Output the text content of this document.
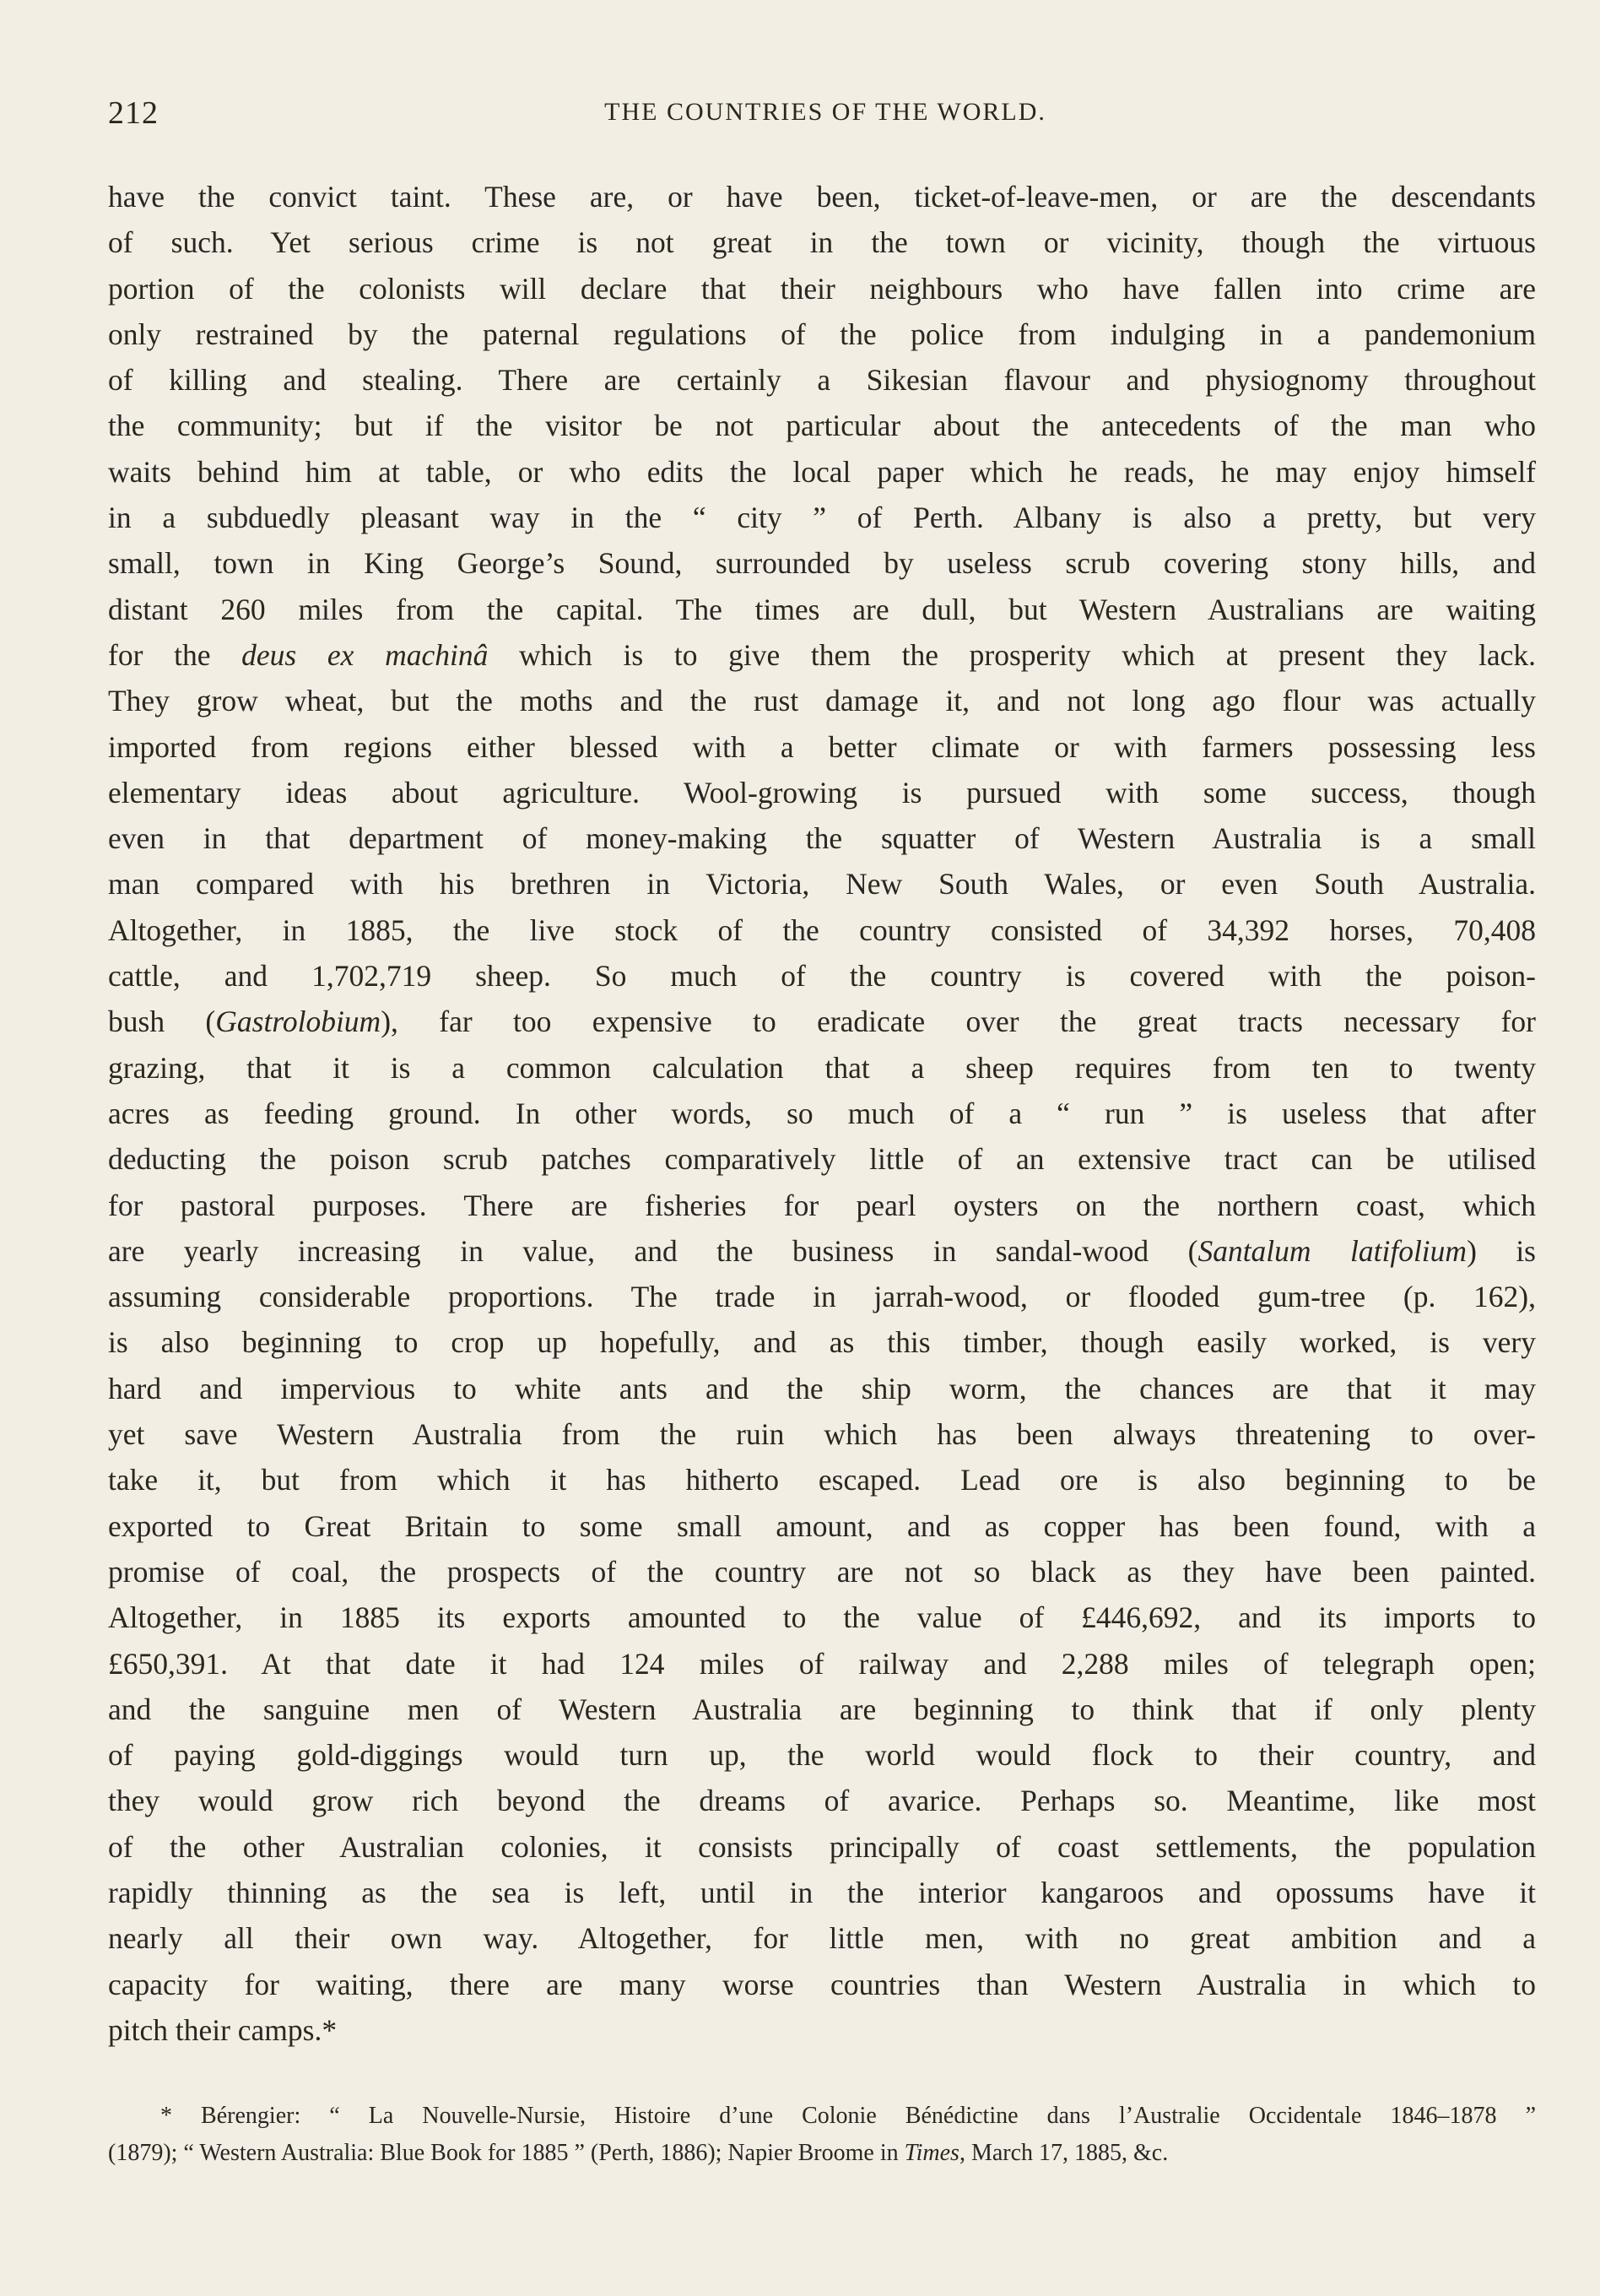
212	THE COUNTRIES OF THE WORLD.
have the convict taint. These are, or have been, ticket-of-leave-men, or are the descendants
of such. Yet serious crime is not great in the town or vicinity, though the virtuous
portion of the colonists will declare that their neighbours who have fallen into crime are
only restrained by the paternal regulations of the police from indulging in a pandemonium
of killing and stealing. There are certainly a Sikesian flavour and physiognomy throughout
the community; but if the visitor be not particular about the antecedents of the man who
waits behind him at table, or who edits the local paper which he reads, he may enjoy himself
in a subduedly pleasant way in the “ city ” of Perth. Albany is also a pretty, but very
small, town in King George’s Sound, surrounded by useless scrub covering stony hills, and
distant 260 miles from the capital. The times are dull, but Western Australians are waiting
for the deus ex machinâ which is to give them the prosperity which at present they lack.
They grow wheat, but the moths and the rust damage it, and not long ago flour was actually
imported from regions either blessed with a better climate or with farmers possessing less
elementary ideas about agriculture. Wool-growing is pursued with some success, though
even in that department of money-making the squatter of Western Australia is a small
man compared with his brethren in Victoria, New South Wales, or even South Australia.
Altogether, in 1885, the live stock of the country consisted of 34,392 horses, 70,408
cattle, and 1,702,719 sheep. So much of the country is covered with the poison-
bush (Gastrolobium), far too expensive to eradicate over the great tracts necessary for
grazing, that it is a common calculation that a sheep requires from ten to twenty
acres as feeding ground. In other words, so much of a “ run ” is useless that after
deducting the poison scrub patches comparatively little of an extensive tract can be utilised
for pastoral purposes. There are fisheries for pearl oysters on the northern coast, which
are yearly increasing in value, and the business in sandal-wood (Santalum latifolium) is
assuming considerable proportions. The trade in jarrah-wood, or flooded gum-tree (p. 162),
is also beginning to crop up hopefully, and as this timber, though easily worked, is very
hard and impervious to white ants and the ship worm, the chances are that it may
yet save Western Australia from the ruin which has been always threatening to over-
take it, but from which it has hitherto escaped. Lead ore is also beginning to be
exported to Great Britain to some small amount, and as copper has been found, with a
promise of coal, the prospects of the country are not so black as they have been painted.
Altogether, in 1885 its exports amounted to the value of £446,692, and its imports to
£650,391. At that date it had 124 miles of railway and 2,288 miles of telegraph open;
and the sanguine men of Western Australia are beginning to think that if only plenty
of paying gold-diggings would turn up, the world would flock to their country, and
they would grow rich beyond the dreams of avarice. Perhaps so. Meantime, like most
of the other Australian colonies, it consists principally of coast settlements, the population
rapidly thinning as the sea is left, until in the interior kangaroos and opossums have it
nearly all their own way. Altogether, for little men, with no great ambition and a
capacity for waiting, there are many worse countries than Western Australia in which to
pitch their camps.*
* Bérengier: “ La Nouvelle-Nursie, Histoire d’une Colonie Bénédictine dans l’Australie Occidentale 1846–1878 ”
(1879); “ Western Australia: Blue Book for 1885 ” (Perth, 1886); Napier Broome in Times, March 17, 1885, &c.
